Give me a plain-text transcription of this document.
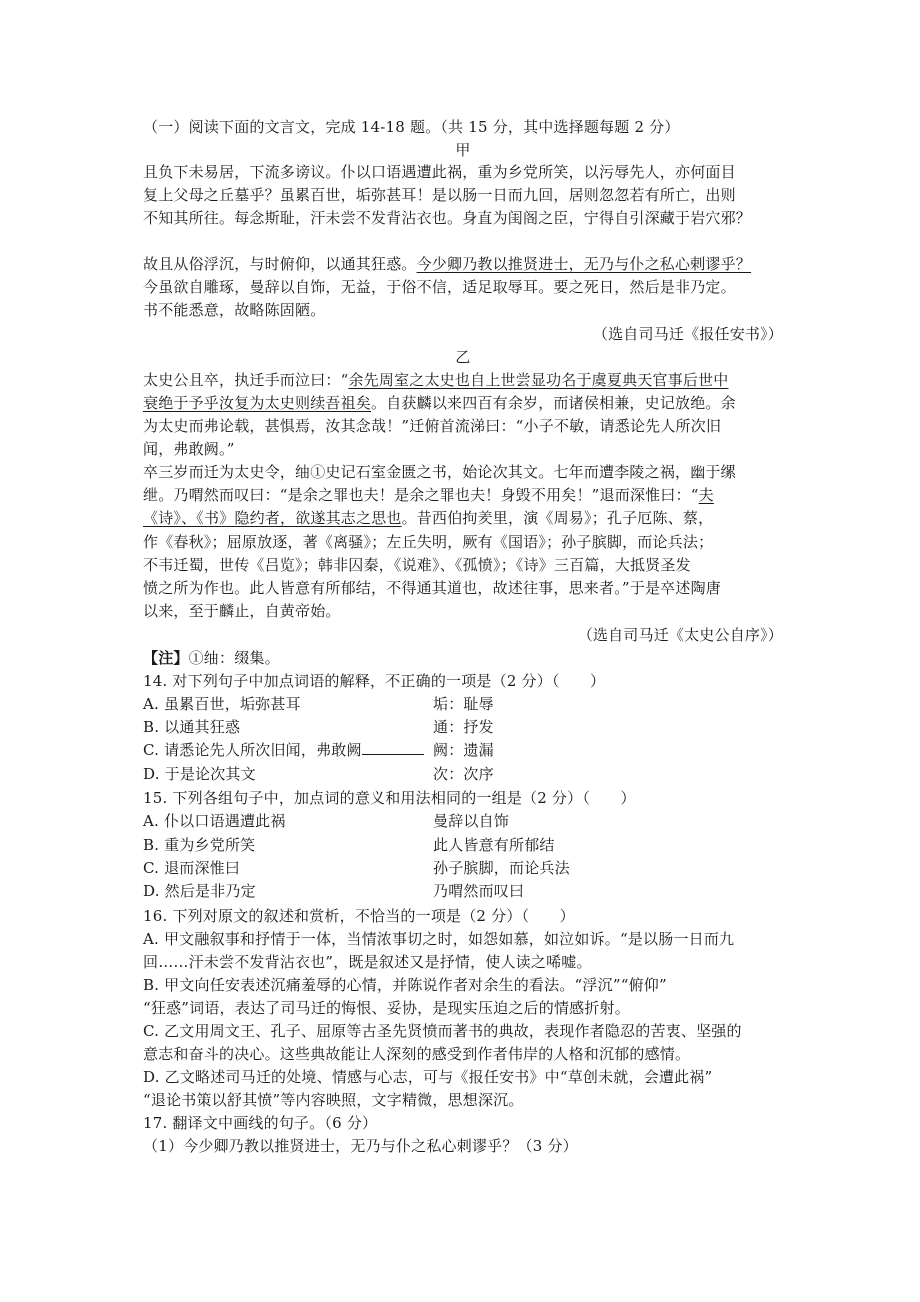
（一）阅读下面的文言文，完成 14-18 题。（共 15 分，其中选择题每题 2 分）
甲
且负下未易居，下流多谤议。仆以口语遇遭此祸，重为乡党所笑，以污辱先人，亦何面目
复上父母之丘墓乎？虽累百世，垢弥甚耳！是以肠一日而九回，居则忽忽若有所亡，出则
不知其所往。每念斯耻，汗未尝不发背沾衣也。身直为闺阁之臣，宁得自引深藏于岩穴邪？
故且从俗浮沉，与时俯仰，以通其狂惑。今少卿乃教以推贤进士，无乃与仆之私心剌谬乎？
今虽欲自雕琢，曼辞以自饰，无益，于俗不信，适足取辱耳。要之死日，然后是非乃定。
书不能悉意，故略陈固陋。
（选自司马迁《报任安书》）
乙
太史公且卒，执迁手而泣曰：“余先周室之太史也自上世尝显功名于虞夏典天官事后世中
衰绝于予乎汝复为太史则续吾祖矣。自获麟以来四百有余岁，而诸侯相兼，史记放绝。余
为太史而弗论载，甚惧焉，汝其念哉！”迁俯首流涕曰：“小子不敏，请悉论先人所次旧
闻，弗敢阙。”
卒三岁而迁为太史令，䌷①史记石室金匮之书，始论次其文。七年而遭李陵之祸，幽于缧
绁。乃喟然而叹曰：“是余之罪也夫！是余之罪也夫！身毁不用矣！”退而深惟曰：“夫
《诗》、《书》隐约者，欲遂其志之思也。昔西伯拘羑里，演《周易》；孔子厄陈、蔡，
作《春秋》；屈原放逐，著《离骚》；左丘失明，厥有《国语》；孙子膑脚，而论兵法；
不韦迁蜀，世传《吕览》；韩非囚秦，《说难》、《孤愤》；《诗》三百篇，大抵贤圣发
愤之所为作也。此人皆意有所郁结，不得通其道也，故述往事，思来者。”于是卒述陶唐
以来，至于麟止，自黄帝始。
（选自司马迁《太史公自序》）
【注】①䌷：缀集。
14. 对下列句子中加点词语的解释，不正确的一项是（2 分）（　　）
A. 虽累百世，垢弥甚耳	垢：耻辱
B. 以通其狂惑	通：抒发
C. 请悉论先人所次旧闻，弗敢阙	阙：遗漏
D. 于是论次其文	次：次序
15. 下列各组句子中，加点词的意义和用法相同的一组是（2 分）（　　）
A. 仆以口语遇遭此祸	曼辞以自饰
B. 重为乡党所笑	此人皆意有所郁结
C. 退而深惟曰	孙子膑脚，而论兵法
D. 然后是非乃定	乃喟然而叹曰
16. 下列对原文的叙述和赏析，不恰当的一项是（2 分）（　　）
A. 甲文融叙事和抒情于一体，当情浓事切之时，如怨如慕，如泣如诉。“是以肠一日而九
回……汗未尝不发背沾衣也”，既是叙述又是抒情，使人读之唏嘘。
B. 甲文向任安表述沉痛羞辱的心情，并陈说作者对余生的看法。“浮沉”“俯仰”
“狂惑”词语，表达了司马迁的悔恨、妥协，是现实压迫之后的情感折射。
C. 乙文用周文王、孔子、屈原等古圣先贤愤而著书的典故，表现作者隐忍的苦衷、坚强的
意志和奋斗的决心。这些典故能让人深刻的感受到作者伟岸的人格和沉郁的感情。
D. 乙文略述司马迁的处境、情感与心志，可与《报任安书》中“草创未就，会遭此祸”
“退论书策以舒其愤”等内容映照，文字精微，思想深沉。
17. 翻译文中画线的句子。（6 分）
（1）今少卿乃教以推贤进士，无乃与仆之私心剌谬乎？（3 分）
